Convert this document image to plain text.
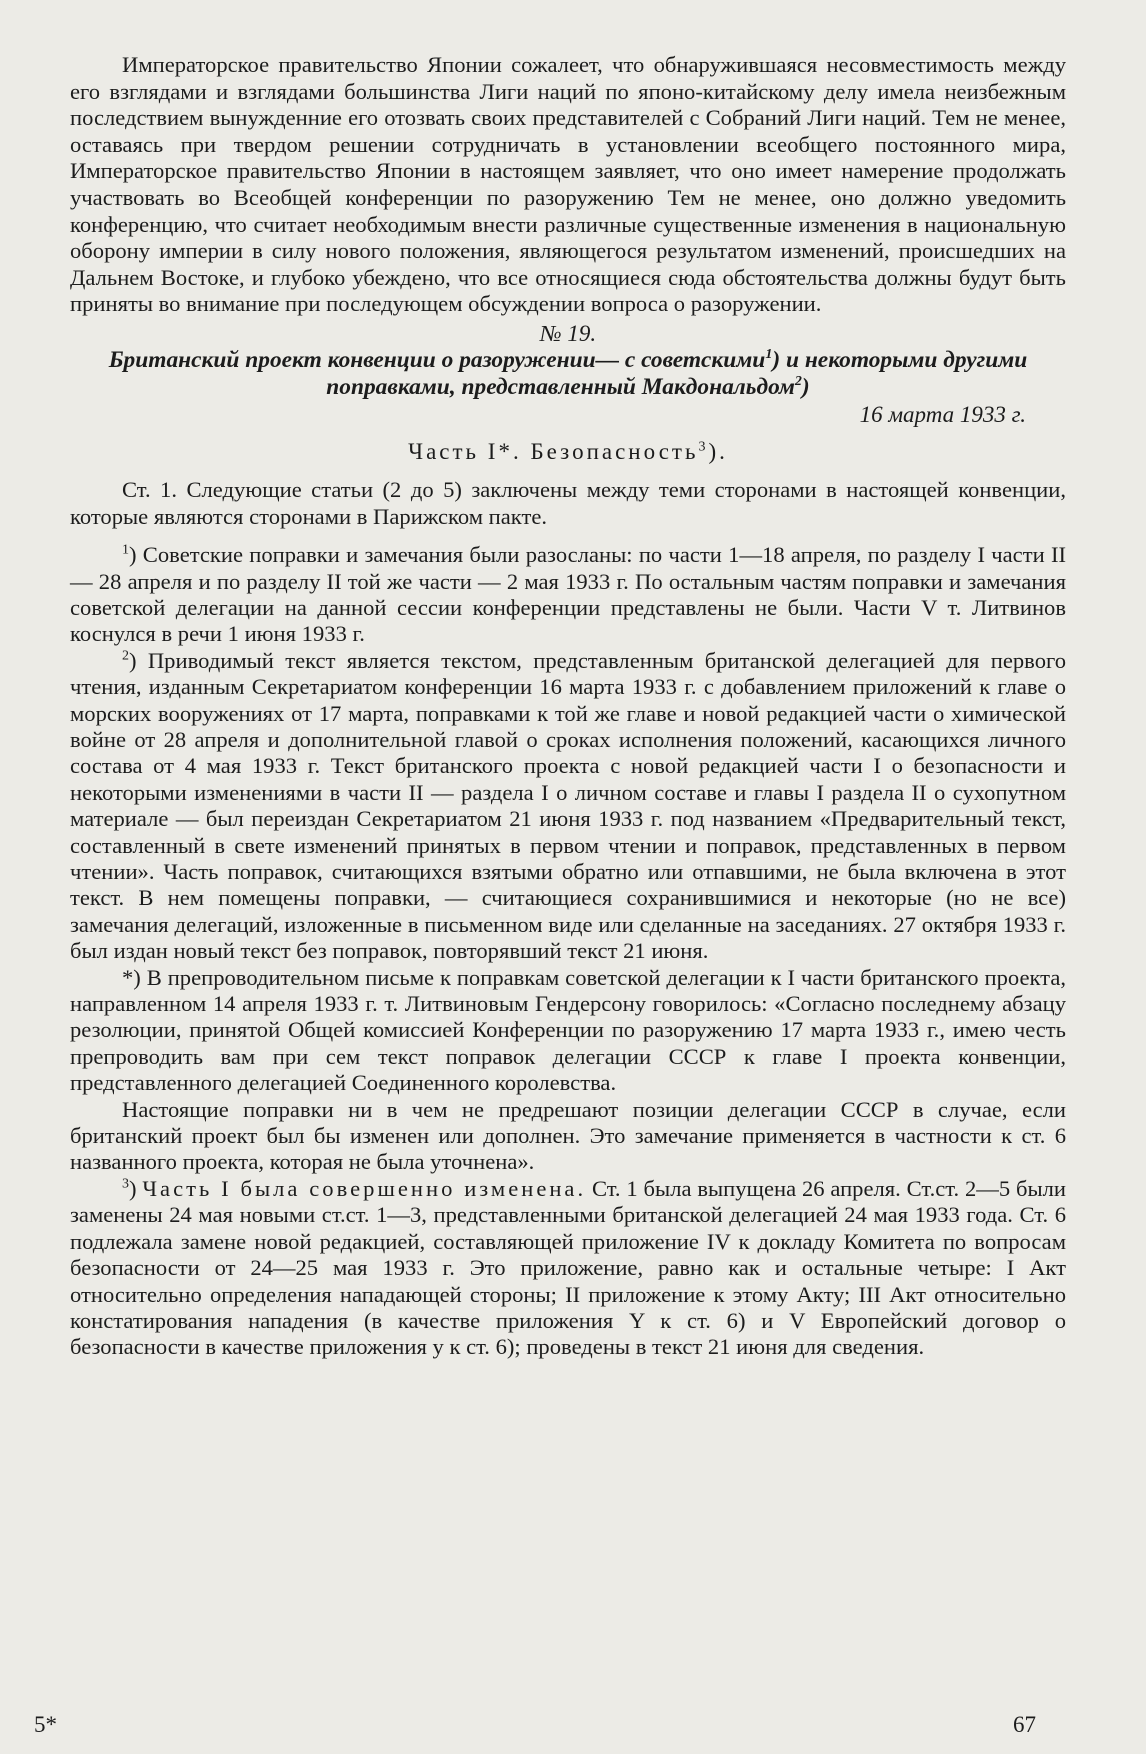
Императорское правительство Японии сожалеет, что обнаружившаяся несовместимость между его взглядами и взглядами большинства Лиги наций по японо-китайскому делу имела неизбежным последствием вынужденние его отозвать своих представителей с Собраний Лиги наций. Тем не менее, оставаясь при твердом решении сотрудничать в установлении всеобщего постоянного мира, Императорское правительство Японии в настоящем заявляет, что оно имеет намерение продолжать участвовать во Всеобщей конференции по разоружению Тем не менее, оно должно уведомить конференцию, что считает необходимым внести различные существенные изменения в национальную оборону империи в силу нового положения, являющегося результатом изменений, происшедших на Дальнем Востоке, и глубоко убеждено, что все относящиеся сюда обстоятельства должны будут быть приняты во внимание при последующем обсуждении вопроса о разоружении.

№ 19.

Британский проект конвенции о разоружении— с советскими$^1$) и некоторыми другими поправками, представленный Макдональдом$^2$)

16 марта 1933 г.

Часть I*. Безопасность$^3$).

Ст. 1. Следующие статьи (2 до 5) заключены между теми сторонами в настоящей конвенции, которые являются сторонами в Парижском пакте.

$^1$) Советские поправки и замечания были разосланы: по части 1—18 апреля, по разделу I части II — 28 апреля и по разделу II той же части — 2 мая 1933 г. По остальным частям поправки и замечания советской делегации на данной сессии конференции представлены не были. Части V т. Литвинов коснулся в речи 1 июня 1933 г.

$^2$) Приводимый текст является текстом, представленным британской делегацией для первого чтения, изданным Секретариатом конференции 16 марта 1933 г. с добавлением приложений к главе о морских вооружениях от 17 марта, поправками к той же главе и новой редакцией части о химической войне от 28 апреля и дополнительной главой о сроках исполнения положений, касающихся личного состава от 4 мая 1933 г. Текст британского проекта с новой редакцией части I о безопасности и некоторыми изменениями в части II — раздела I о личном составе и главы I раздела II о сухопутном материале — был переиздан Секретариатом 21 июня 1933 г. под названием «Предварительный текст, составленный в свете изменений принятых в первом чтении и поправок, представленных в первом чтении». Часть поправок, считающихся взятыми обратно или отпавшими, не была включена в этот текст. В нем помещены поправки, — считающиеся сохранившимися и некоторые (но не все) замечания делегаций, изложенные в письменном виде или сделанные на заседаниях. 27 октября 1933 г. был издан новый текст без поправок, повторявший текст 21 июня.

*) В препроводительном письме к поправкам советской делегации к I части британского проекта, направленном 14 апреля 1933 г. т. Литвиновым Гендерсону говорилось: «Согласно последнему абзацу резолюции, принятой Общей комиссией Конференции по разоружению 17 марта 1933 г., имею честь препроводить вам при сем текст поправок делегации СССР к главе I проекта конвенции, представленного делегацией Соединенного королевства.

Настоящие поправки ни в чем не предрешают позиции делегации СССР в случае, если британский проект был бы изменен или дополнен. Это замечание применяется в частности к ст. 6 названного проекта, которая не была уточнена».

$^3$) Часть I была совершенно изменена. Ст. 1 была выпущена 26 апреля. Ст.ст. 2—5 были заменены 24 мая новыми ст.ст. 1—3, представленными британской делегацией 24 мая 1933 года. Ст. 6 подлежала замене новой редакцией, составляющей приложение IV к докладу Комитета по вопросам безопасности от 24—25 мая 1933 г. Это приложение, равно как и остальные четыре: I Акт относительно определения нападающей стороны; II приложение к этому Акту; III Акт относительно констатирования нападения (в качестве приложения Y к ст. 6) и V Европейский договор о безопасности в качестве приложения у к ст. 6); проведены в текст 21 июня для сведения.

5*	67
